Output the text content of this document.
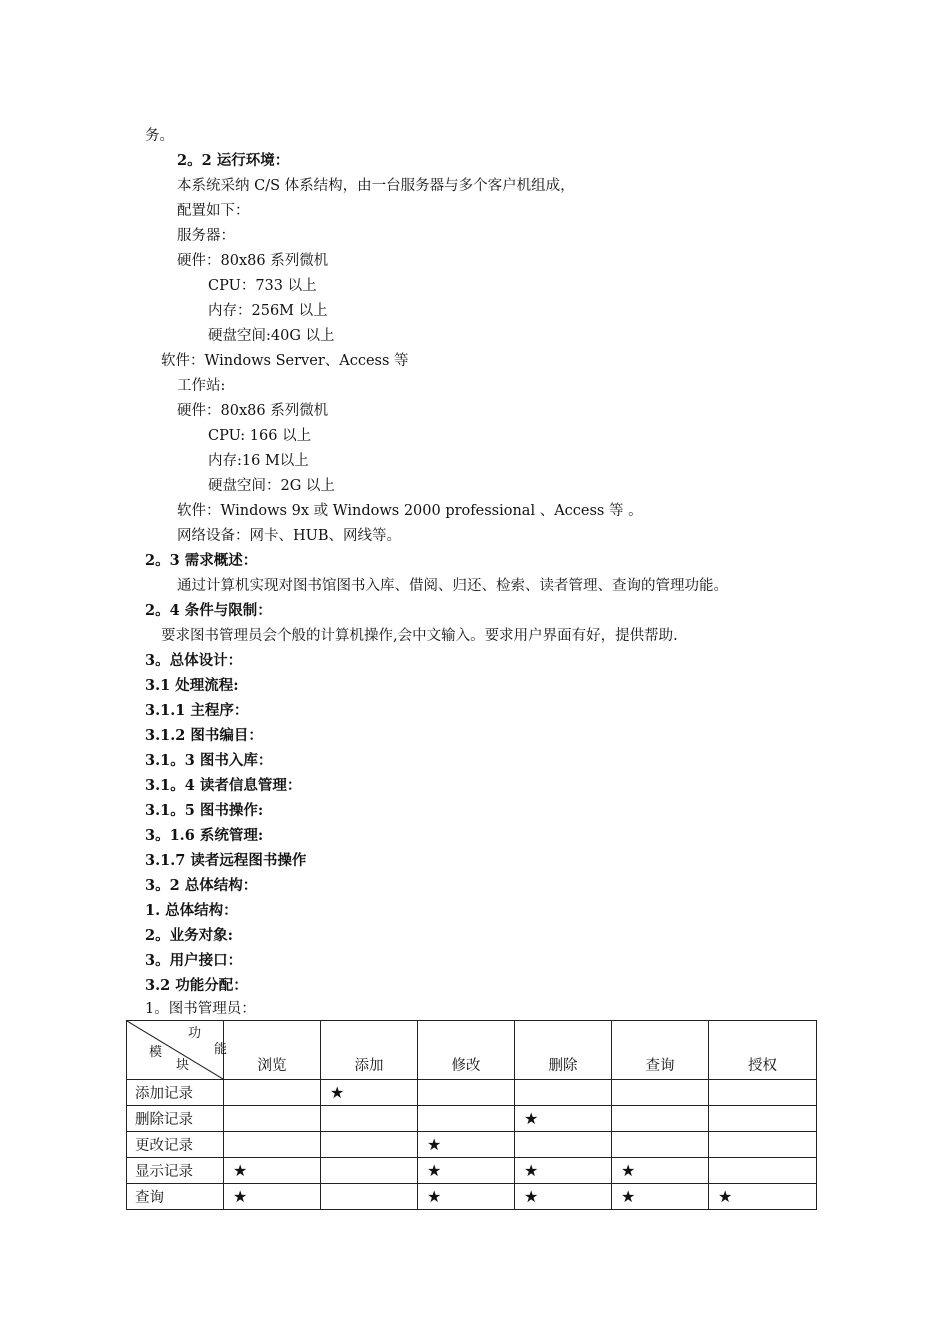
务。
2。2 运行环境：
本系统采纳 C/S 体系结构，由一台服务器与多个客户机组成，
配置如下：
服务器：
硬件：80x86 系列微机
CPU：733 以上
内存：256M 以上
硬盘空间:40G 以上
软件：Windows Server、Access 等
工作站:
硬件：80x86 系列微机
CPU: 166 以上
内存:16 M以上
硬盘空间：2G 以上
软件：Windows 9x 或 Windows 2000 professional 、Access 等 。
网络设备：网卡、HUB、网线等。
2。3 需求概述：
通过计算机实现对图书馆图书入库、借阅、归还、检索、读者管理、查询的管理功能。
2。4 条件与限制：
要求图书管理员会个般的计算机操作,会中文输入。要求用户界面有好，提供帮助.
3。总体设计：
3.1 处理流程:
3.1.1 主程序：
3.1.2 图书编目：
3.1。3 图书入库：
3.1。4 读者信息管理：
3.1。5 图书操作:
3。1.6 系统管理:
3.1.7 读者远程图书操作
3。2 总体结构：
1. 总体结构：
2。业务对象:
3。用户接口：
3.2 功能分配：
1。图书管理员：
功
能
模
块	浏览	添加	修改	删除	查询	授权
添加记录		★				
删除记录				★		
更改记录			★			
显示记录	★		★	★	★	
查询	★		★	★	★	★
